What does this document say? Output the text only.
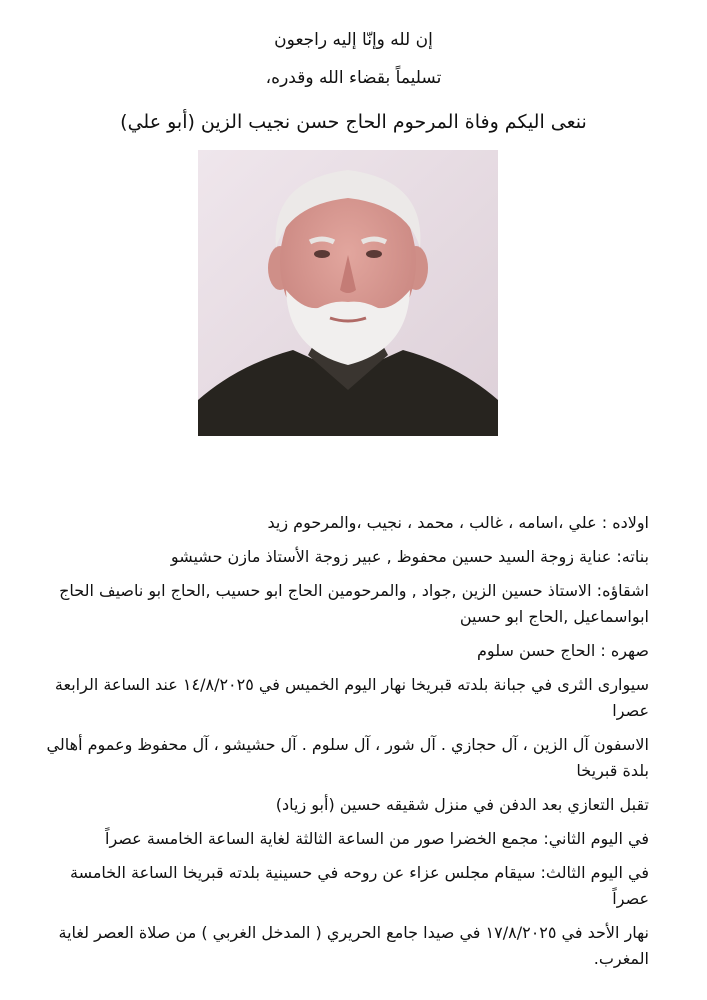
إن لله وإنّا إليه راجعون
تسليماً بقضاء الله وقدره،
ننعى اليكم وفاة المرحوم الحاج حسن نجيب الزين (أبو علي)

اولاده : علي ،اسامه ، غالب ، محمد ، نجيب ،والمرحوم زيد

بناته: عناية زوجة السيد حسين محفوظ , عبير زوجة الأستاذ مازن حشيشو

اشقاؤه: الاستاذ حسين الزين ,جواد , والمرحومين الحاج ابو حسيب ,الحاج ابو ناصيف الحاج ابواسماعيل ,الحاج ابو حسين

صهره : الحاج حسن سلوم

سيوارى الثرى في جبانة بلدته قبريخا نهار اليوم الخميس في ١٤/٨/٢٠٢٥ عند الساعة الرابعة عصرا

الاسفون آل الزين ، آل حجازي . آل شور ، آل سلوم . آل حشيشو ، آل محفوظ وعموم أهالي بلدة قبريخا

تقبل التعازي بعد الدفن في منزل شقيقه حسين (أبو زياد)

في اليوم الثاني: مجمع الخضرا صور من الساعة الثالثة لغاية الساعة الخامسة عصراً

في اليوم الثالث: سيقام مجلس عزاء عن روحه في حسينية بلدته قبريخا الساعة الخامسة عصراً

نهار الأحد في ١٧/٨/٢٠٢٥ في صيدا جامع الحريري ( المدخل الغربي ) من صلاة العصر لغاية المغرب.
